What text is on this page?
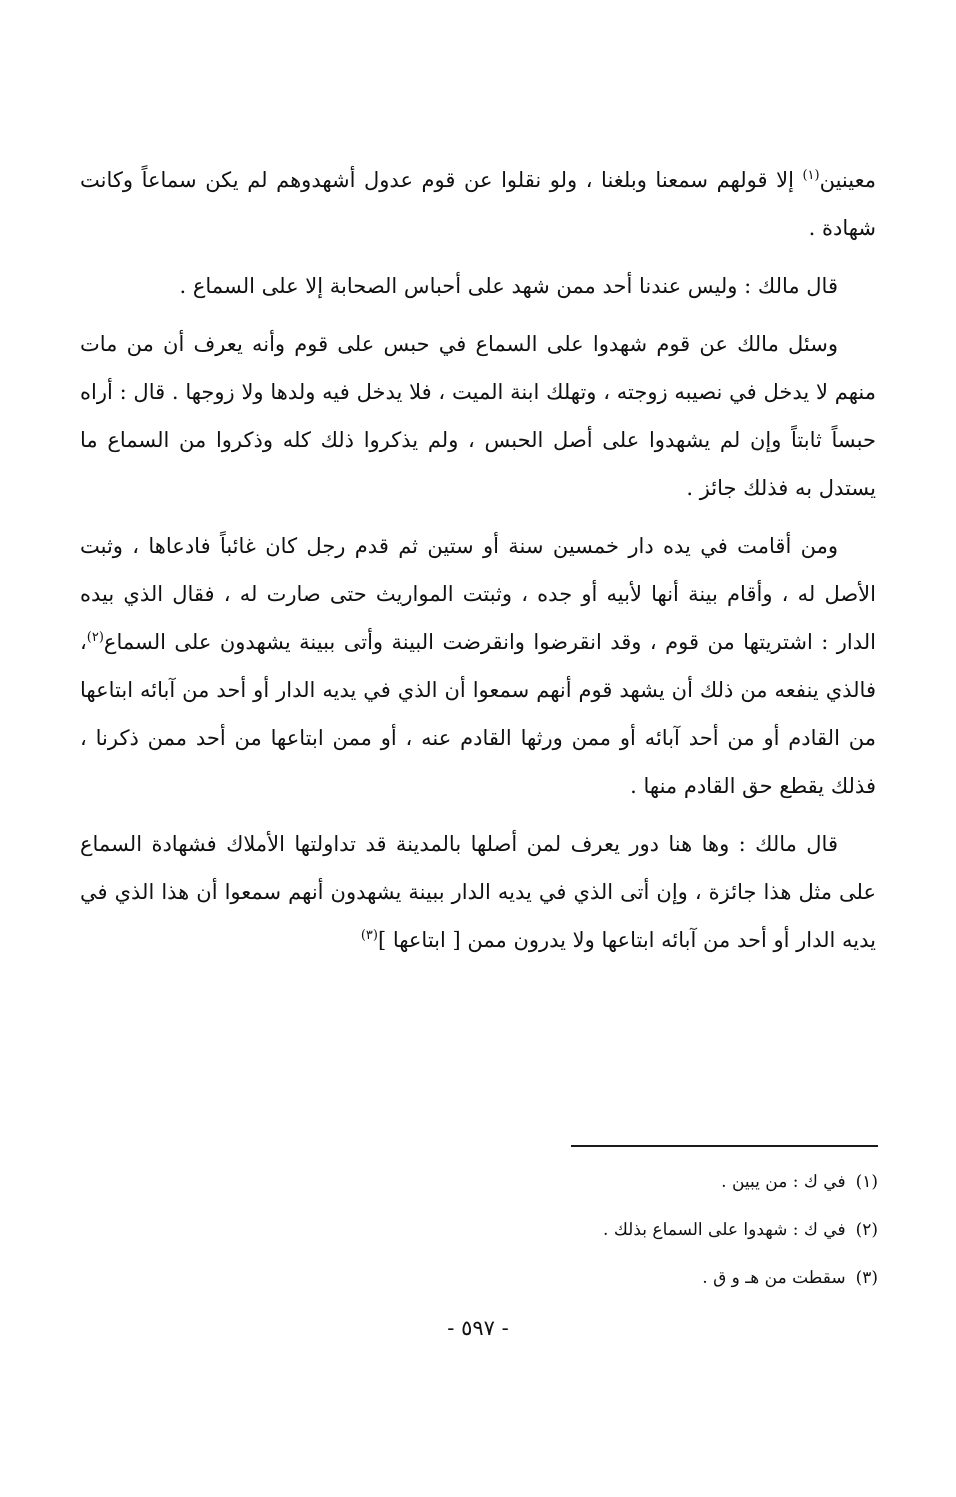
معينين$^{(١)}$ إلا قولهم سمعنا وبلغنا ، ولو نقلوا عن قوم عدول أشهدوهم لم يكن سماعاً وكانت شهادة .

قال مالك : وليس عندنا أحد ممن شهد على أحباس الصحابة إلا على السماع .

وسئل مالك عن قوم شهدوا على السماع في حبس على قوم وأنه يعرف أن من مات منهم لا يدخل في نصيبه زوجته ، وتهلك ابنة الميت ، فلا يدخل فيه ولدها ولا زوجها . قال : أراه حبساً ثابتاً وإن لم يشهدوا على أصل الحبس ، ولم يذكروا ذلك كله وذكروا من السماع ما يستدل به فذلك جائز .

ومن أقامت في يده دار خمسين سنة أو ستين ثم قدم رجل كان غائباً فادعاها ، وثبت الأصل له ، وأقام بينة أنها لأبيه أو جده ، وثبتت المواريث حتى صارت له ، فقال الذي بيده الدار : اشتريتها من قوم ، وقد انقرضوا وانقرضت البينة وأتى ببينة يشهدون على السماع$^{(٢)}$، فالذي ينفعه من ذلك أن يشهد قوم أنهم سمعوا أن الذي في يديه الدار أو أحد من آبائه ابتاعها من القادم أو من أحد آبائه أو ممن ورثها القادم عنه ، أو ممن ابتاعها من أحد ممن ذكرنا ، فذلك يقطع حق القادم منها .

قال مالك : وها هنا دور يعرف لمن أصلها بالمدينة قد تداولتها الأملاك فشهادة السماع على مثل هذا جائزة ، وإن أتى الذي في يديه الدار ببينة يشهدون أنهم سمعوا أن هذا الذي في يديه الدار أو أحد من آبائه ابتاعها ولا يدرون ممن [ ابتاعها ]$^{(٣)}$

(١)في ك : من يبين .
(٢)في ك : شهدوا على السماع بذلك .
(٣)سقطت من هـ و ق .
- ٥٩٧ -
